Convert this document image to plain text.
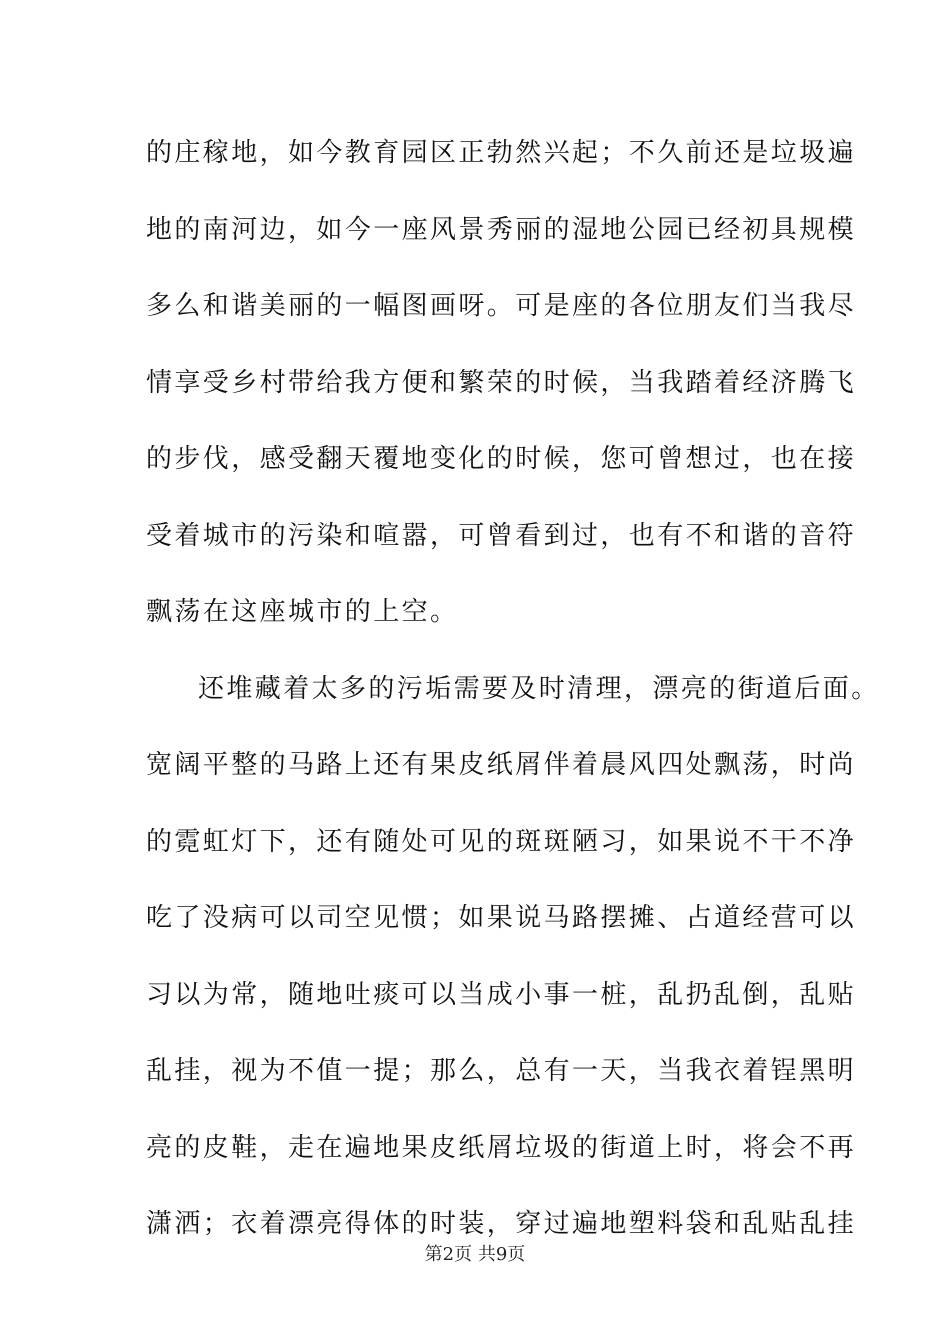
的庄稼地，如今教育园区正勃然兴起；不久前还是垃圾遍
地的南河边，如今一座风景秀丽的湿地公园已经初具规模
多么和谐美丽的一幅图画呀。可是座的各位朋友们当我尽
情享受乡村带给我方便和繁荣的时候，当我踏着经济腾飞
的步伐，感受翻天覆地变化的时候，您可曾想过，也在接
受着城市的污染和喧嚣，可曾看到过，也有不和谐的音符
飘荡在这座城市的上空。
还堆藏着太多的污垢需要及时清理，漂亮的街道后面。
宽阔平整的马路上还有果皮纸屑伴着晨风四处飘荡，时尚
的霓虹灯下，还有随处可见的斑斑陋习，如果说不干不净
吃了没病可以司空见惯；如果说马路摆摊、占道经营可以
习以为常，随地吐痰可以当成小事一桩，乱扔乱倒，乱贴
乱挂，视为不值一提；那么，总有一天，当我衣着锃黑明
亮的皮鞋，走在遍地果皮纸屑垃圾的街道上时，将会不再
潇洒；衣着漂亮得体的时装，穿过遍地塑料袋和乱贴乱挂
第2页 共9页
